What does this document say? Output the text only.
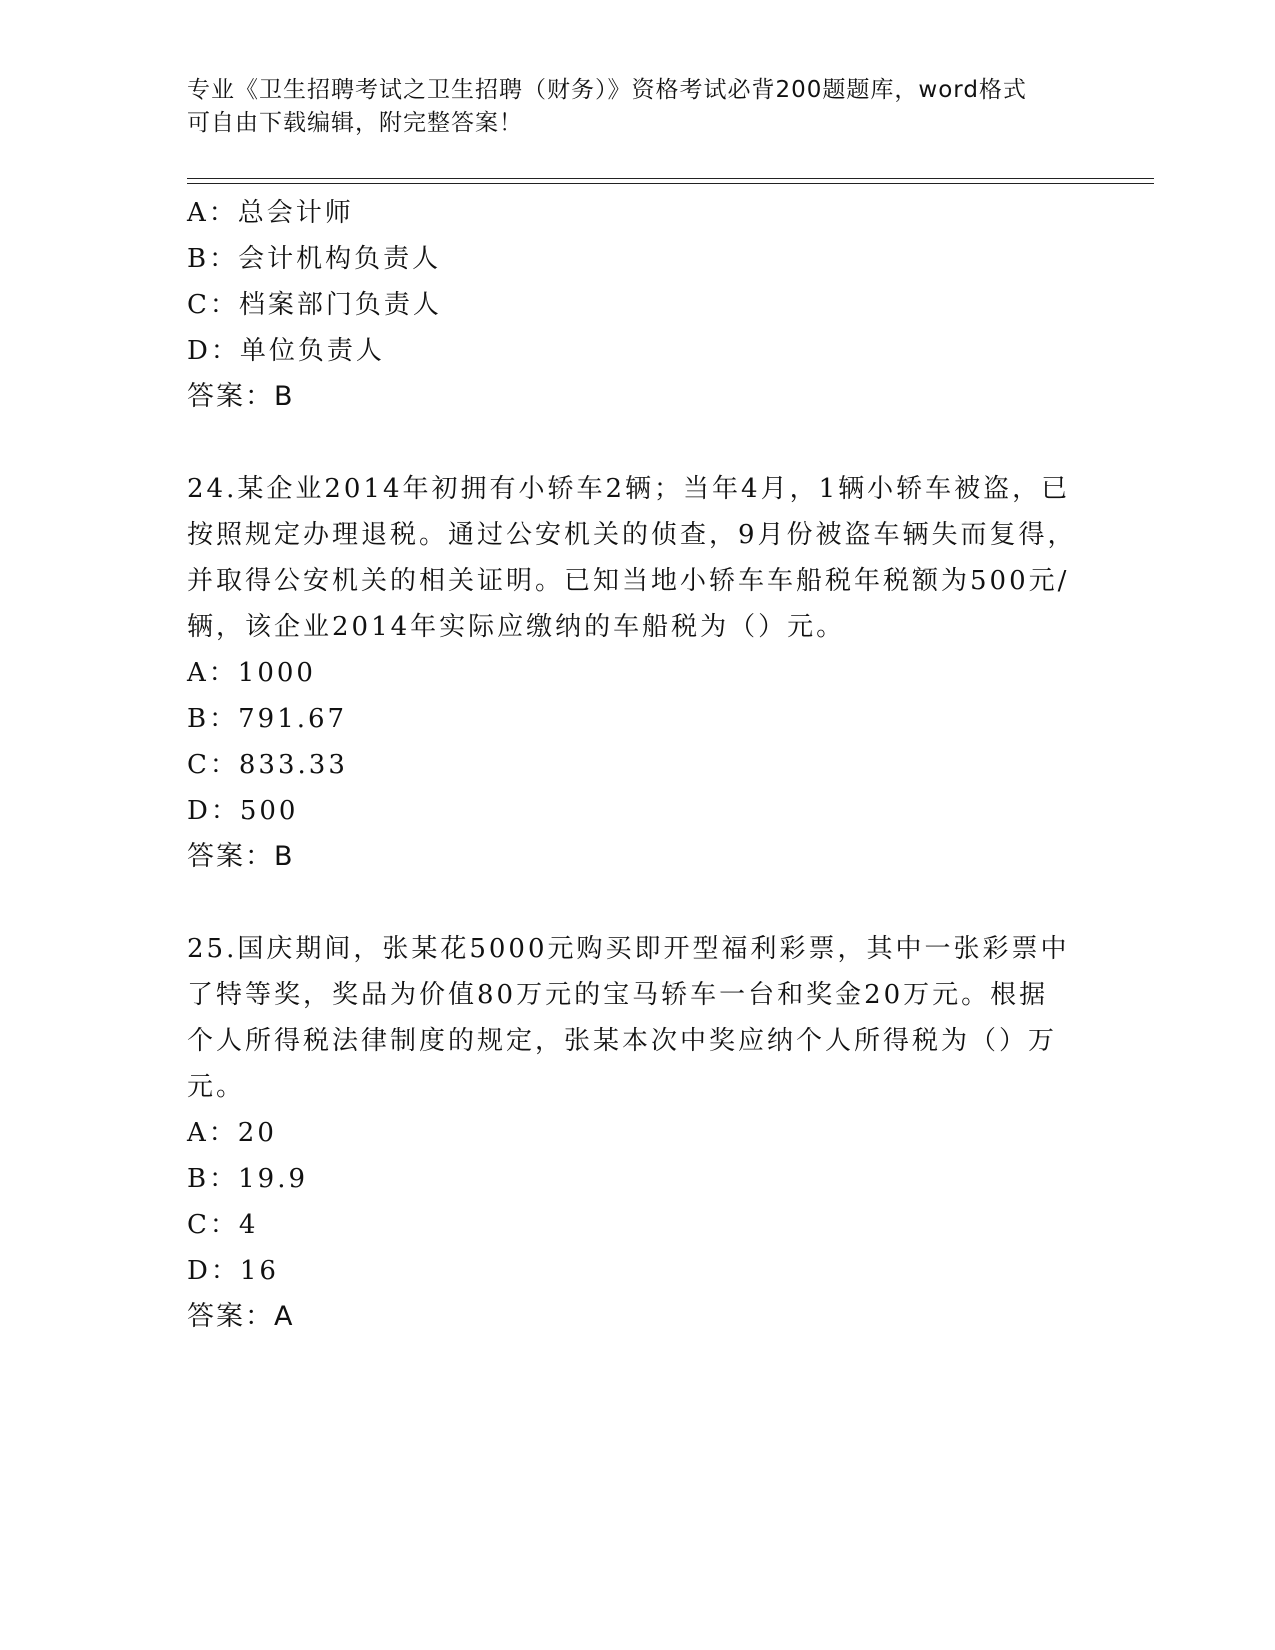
专业《卫生招聘考试之卫生招聘（财务）》资格考试必背200题题库，word格式
可自由下载编辑，附完整答案！
A：总会计师
B：会计机构负责人
C：档案部门负责人
D：单位负责人
答案：B
24.某企业2014年初拥有小轿车2辆；当年4月，1辆小轿车被盗，已
按照规定办理退税。通过公安机关的侦查，9月份被盗车辆失而复得，
并取得公安机关的相关证明。已知当地小轿车车船税年税额为500元/
辆，该企业2014年实际应缴纳的车船税为（）元。
A：1000
B：791.67
C：833.33
D：500
答案：B
25.国庆期间，张某花5000元购买即开型福利彩票，其中一张彩票中
了特等奖，奖品为价值80万元的宝马轿车一台和奖金20万元。根据
个人所得税法律制度的规定，张某本次中奖应纳个人所得税为（）万
元。
A：20
B：19.9
C：4
D：16
答案：A
